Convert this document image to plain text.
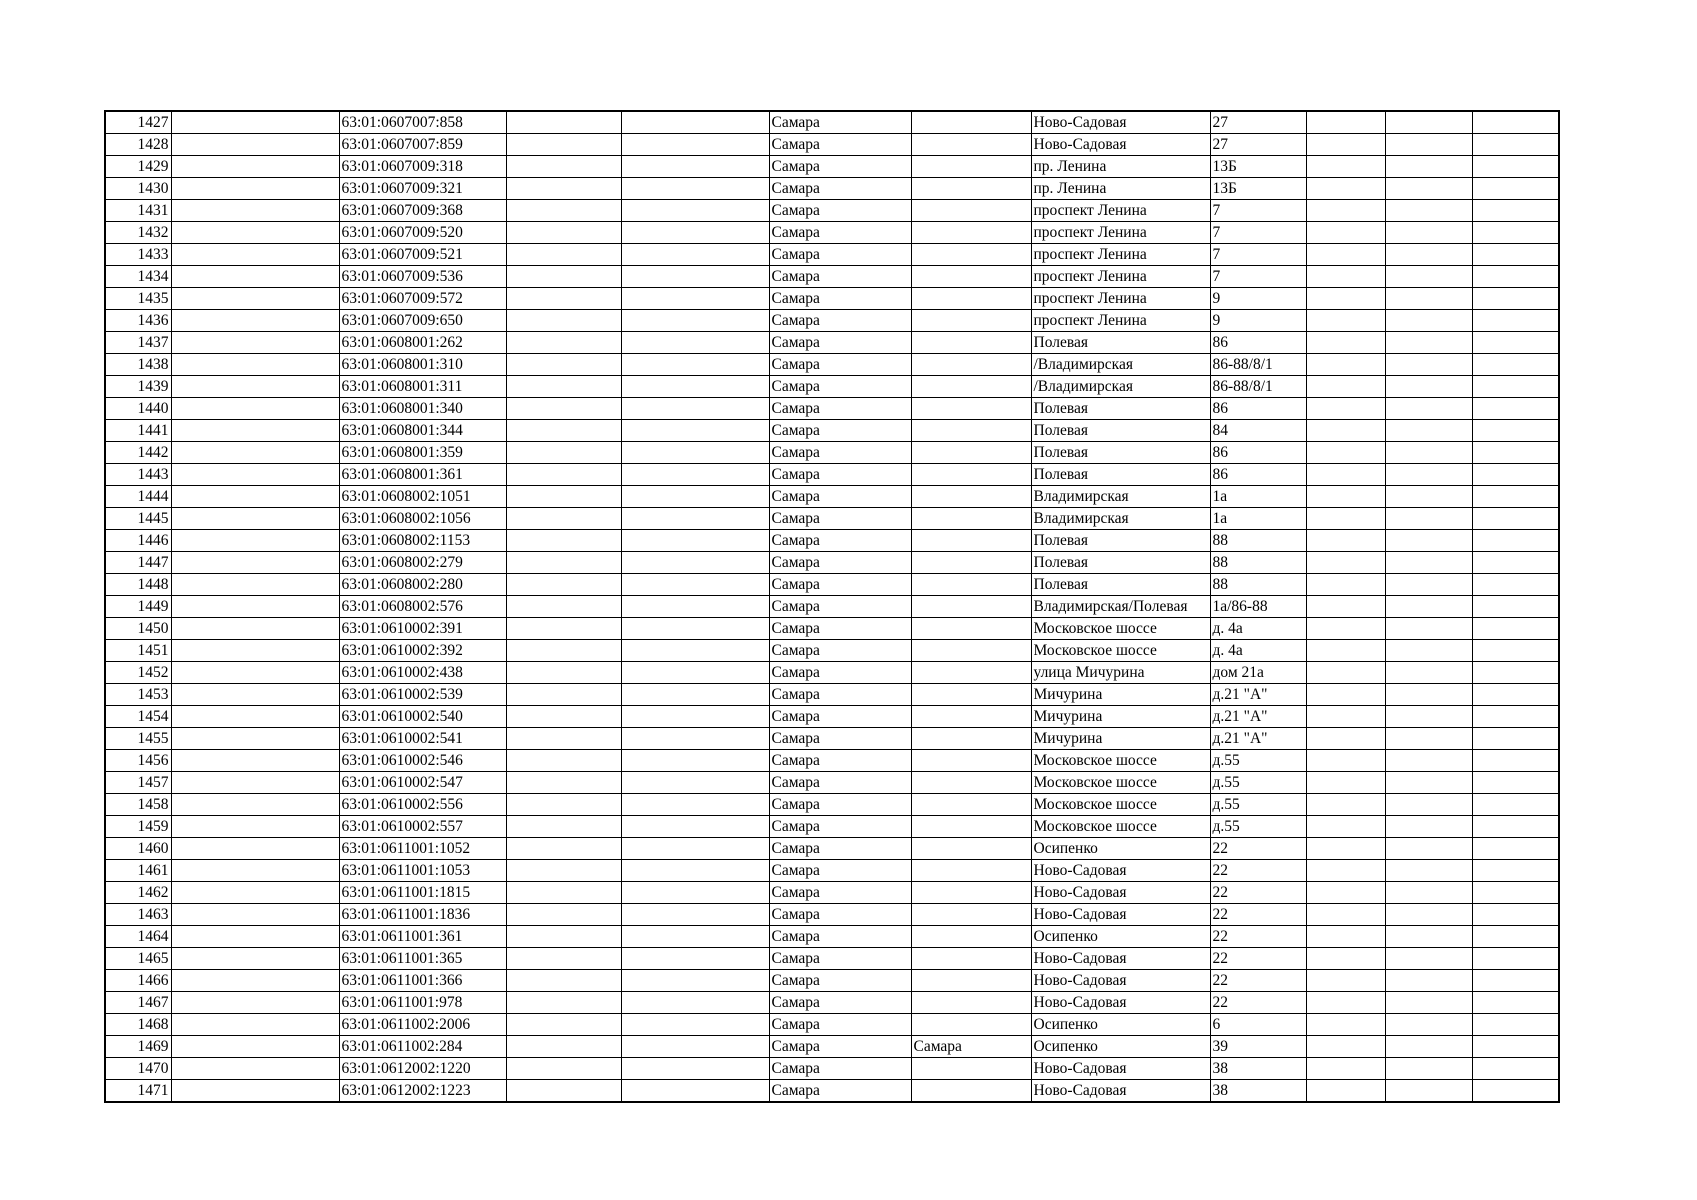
1427		63:01:0607007:858			Самара		Ново-Садовая	27			
1428		63:01:0607007:859			Самара		Ново-Садовая	27			
1429		63:01:0607009:318			Самара		пр. Ленина	13Б			
1430		63:01:0607009:321			Самара		пр. Ленина	13Б			
1431		63:01:0607009:368			Самара		проспект Ленина	7			
1432		63:01:0607009:520			Самара		проспект Ленина	7			
1433		63:01:0607009:521			Самара		проспект Ленина	7			
1434		63:01:0607009:536			Самара		проспект Ленина	7			
1435		63:01:0607009:572			Самара		проспект Ленина	9			
1436		63:01:0607009:650			Самара		проспект Ленина	9			
1437		63:01:0608001:262			Самара		Полевая	86			
1438		63:01:0608001:310			Самара		/Владимирская	86-88/8/1			
1439		63:01:0608001:311			Самара		/Владимирская	86-88/8/1			
1440		63:01:0608001:340			Самара		Полевая	86			
1441		63:01:0608001:344			Самара		Полевая	84			
1442		63:01:0608001:359			Самара		Полевая	86			
1443		63:01:0608001:361			Самара		Полевая	86			
1444		63:01:0608002:1051			Самара		Владимирская	1а			
1445		63:01:0608002:1056			Самара		Владимирская	1а			
1446		63:01:0608002:1153			Самара		Полевая	88			
1447		63:01:0608002:279			Самара		Полевая	88			
1448		63:01:0608002:280			Самара		Полевая	88			
1449		63:01:0608002:576			Самара		Владимирская/Полевая	1а/86-88			
1450		63:01:0610002:391			Самара		Московское шоссе	д. 4а			
1451		63:01:0610002:392			Самара		Московское шоссе	д. 4а			
1452		63:01:0610002:438			Самара		улица Мичурина	дом 21а			
1453		63:01:0610002:539			Самара		Мичурина	д.21 "А"			
1454		63:01:0610002:540			Самара		Мичурина	д.21 "А"			
1455		63:01:0610002:541			Самара		Мичурина	д.21 "А"			
1456		63:01:0610002:546			Самара		Московское шоссе	д.55			
1457		63:01:0610002:547			Самара		Московское шоссе	д.55			
1458		63:01:0610002:556			Самара		Московское шоссе	д.55			
1459		63:01:0610002:557			Самара		Московское шоссе	д.55			
1460		63:01:0611001:1052			Самара		Осипенко	22			
1461		63:01:0611001:1053			Самара		Ново-Садовая	22			
1462		63:01:0611001:1815			Самара		Ново-Садовая	22			
1463		63:01:0611001:1836			Самара		Ново-Садовая	22			
1464		63:01:0611001:361			Самара		Осипенко	22			
1465		63:01:0611001:365			Самара		Ново-Садовая	22			
1466		63:01:0611001:366			Самара		Ново-Садовая	22			
1467		63:01:0611001:978			Самара		Ново-Садовая	22			
1468		63:01:0611002:2006			Самара		Осипенко	6			
1469		63:01:0611002:284			Самара	Самара	Осипенко	39			
1470		63:01:0612002:1220			Самара		Ново-Садовая	38			
1471		63:01:0612002:1223			Самара		Ново-Садовая	38			
